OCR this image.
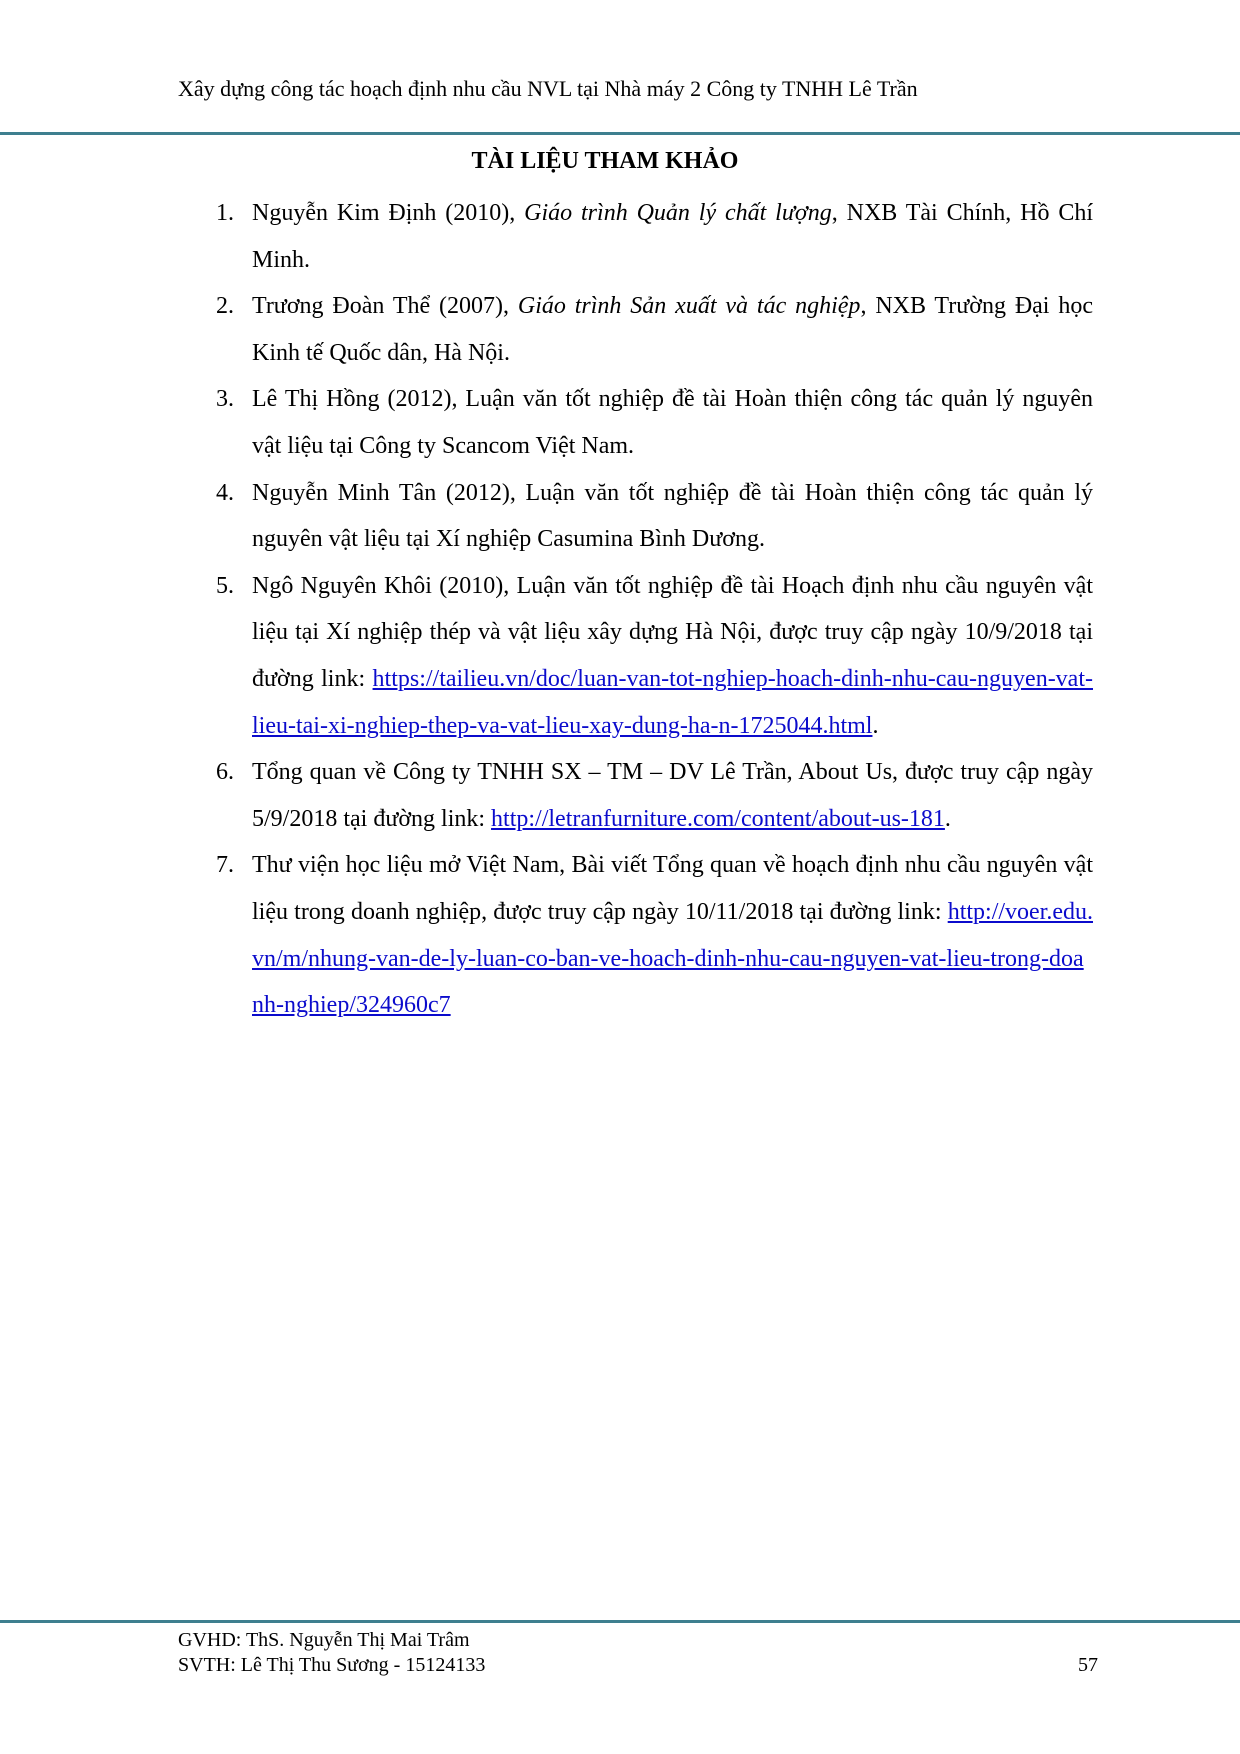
Xây dựng công tác hoạch định nhu cầu NVL tại Nhà máy 2 Công ty TNHH Lê Trần
TÀI LIỆU THAM KHẢO
1. Nguyễn Kim Định (2010), Giáo trình Quản lý chất lượng, NXB Tài Chính, Hồ Chí Minh.
2. Trương Đoàn Thể (2007), Giáo trình Sản xuất và tác nghiệp, NXB Trường Đại học Kinh tế Quốc dân, Hà Nội.
3. Lê Thị Hồng (2012), Luận văn tốt nghiệp đề tài Hoàn thiện công tác quản lý nguyên vật liệu tại Công ty Scancom Việt Nam.
4. Nguyễn Minh Tân (2012), Luận văn tốt nghiệp đề tài Hoàn thiện công tác quản lý nguyên vật liệu tại Xí nghiệp Casumina Bình Dương.
5. Ngô Nguyên Khôi (2010), Luận văn tốt nghiệp đề tài Hoạch định nhu cầu nguyên vật liệu tại Xí nghiệp thép và vật liệu xây dựng Hà Nội, được truy cập ngày 10/9/2018 tại đường link: https://tailieu.vn/doc/luan-van-tot-nghiep-hoach-dinh-nhu-cau-nguyen-vat-lieu-tai-xi-nghiep-thep-va-vat-lieu-xay-dung-ha-n-1725044.html.
6. Tổng quan về Công ty TNHH SX – TM – DV Lê Trần, About Us, được truy cập ngày 5/9/2018 tại đường link: http://letranfurniture.com/content/about-us-181.
7. Thư viện học liệu mở Việt Nam, Bài viết Tổng quan về hoạch định nhu cầu nguyên vật liệu trong doanh nghiệp, được truy cập ngày 10/11/2018 tại đường link: http://voer.edu.vn/m/nhung-van-de-ly-luan-co-ban-ve-hoach-dinh-nhu-cau-nguyen-vat-lieu-trong-doanh-nghiep/324960c7
GVHD: ThS. Nguyễn Thị Mai Trâm
SVTH: Lê Thị Thu Sương - 15124133	57
